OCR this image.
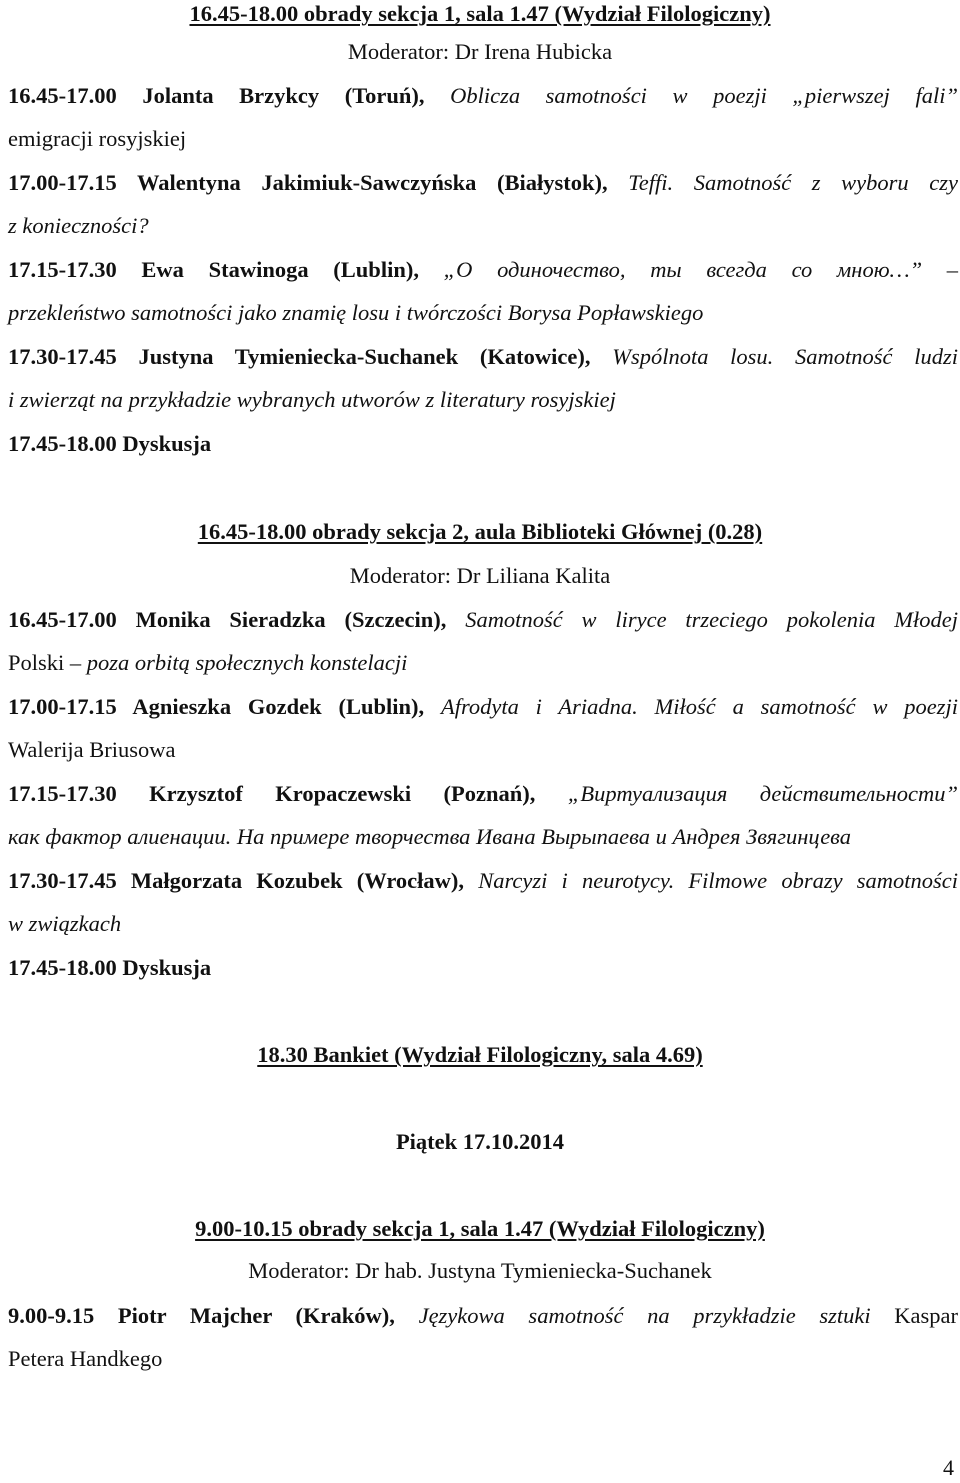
16.45-18.00 obrady sekcja 1, sala 1.47 (Wydział Filologiczny)

Moderator: Dr Irena Hubicka

16.45-17.00 Jolanta Brzykcy (Toruń), Oblicza samotności w poezji „pierwszej fali”

emigracji rosyjskiej

17.00-17.15 Walentyna Jakimiuk-Sawczyńska (Białystok), Teffi. Samotność z wyboru czy

z konieczności?

17.15-17.30 Ewa Stawinoga (Lublin), „О одиночество, ты всегда со мною…” –

przekleństwo samotności jako znamię losu i twórczości Borysa Popławskiego

17.30-17.45 Justyna Tymieniecka-Suchanek (Katowice), Wspólnota losu. Samotność ludzi

i zwierząt na przykładzie wybranych utworów z literatury rosyjskiej

17.45-18.00 Dyskusja

16.45-18.00 obrady sekcja 2, aula Biblioteki Głównej (0.28)

Moderator: Dr Liliana Kalita

16.45-17.00 Monika Sieradzka (Szczecin), Samotność w liryce trzeciego pokolenia Młodej

Polski – poza orbitą społecznych konstelacji

17.00-17.15 Agnieszka Gozdek (Lublin), Afrodyta i Ariadna. Miłość a samotność w poezji

Walerija Briusowa

17.15-17.30 Krzysztof Kropaczewski (Poznań), „Виртуализация действительности”

как фактор алиенации. На примере творчества Ивана Вырыпаева и Андрея Звягинцева

17.30-17.45 Małgorzata Kozubek (Wrocław), Narcyzi i neurotycy. Filmowe obrazy samotności

w związkach

17.45-18.00 Dyskusja

18.30 Bankiet (Wydział Filologiczny, sala 4.69)

Piątek 17.10.2014

9.00-10.15 obrady sekcja 1, sala 1.47 (Wydział Filologiczny)

Moderator: Dr hab. Justyna Tymieniecka-Suchanek

9.00-9.15 Piotr Majcher (Kraków), Językowa samotność na przykładzie sztuki Kaspar

Petera Handkego

4
